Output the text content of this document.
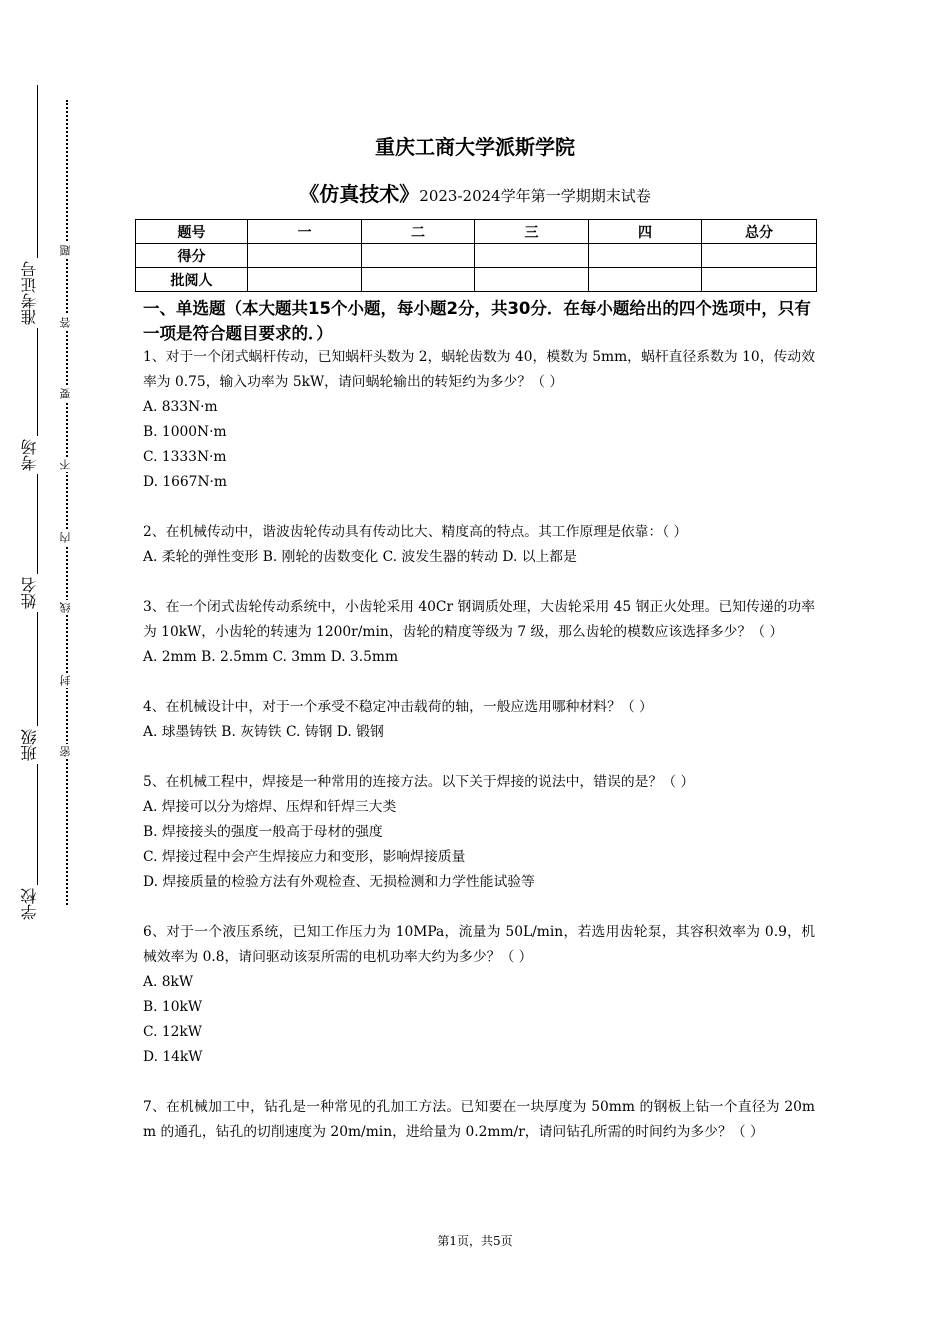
准考证号
考场
姓名
班级
学校
题
答
要
不
内
线
封
密
重庆工商大学派斯学院
《仿真技术》2023-2024学年第一学期期末试卷
题号	一	二	三	四	总分
得分					
批阅人					
一、单选题（本大题共15个小题，每小题2分，共30分．在每小题给出的四个选项中，只有一项是符合题目要求的．）

1、对于一个闭式蜗杆传动，已知蜗杆头数为 2，蜗轮齿数为 40，模数为 5mm，蜗杆直径系数为 10，传动效率为 0.75，输入功率为 5kW，请问蜗轮输出的转矩约为多少？（ ）

A. 833N·m

B. 1000N·m

C. 1333N·m

D. 1667N·m

2、在机械传动中，谐波齿轮传动具有传动比大、精度高的特点。其工作原理是依靠：（ ）

A. 柔轮的弹性变形 B. 刚轮的齿数变化 C. 波发生器的转动 D. 以上都是

3、在一个闭式齿轮传动系统中，小齿轮采用 40Cr 钢调质处理，大齿轮采用 45 钢正火处理。已知传递的功率为 10kW，小齿轮的转速为 1200r/min，齿轮的精度等级为 7 级，那么齿轮的模数应该选择多少？（ ）

A. 2mm B. 2.5mm C. 3mm D. 3.5mm

4、在机械设计中，对于一个承受不稳定冲击载荷的轴，一般应选用哪种材料？（ ）

A. 球墨铸铁 B. 灰铸铁 C. 铸钢 D. 锻钢

5、在机械工程中，焊接是一种常用的连接方法。以下关于焊接的说法中，错误的是？（ ）

A. 焊接可以分为熔焊、压焊和钎焊三大类

B. 焊接接头的强度一般高于母材的强度

C. 焊接过程中会产生焊接应力和变形，影响焊接质量

D. 焊接质量的检验方法有外观检查、无损检测和力学性能试验等

6、对于一个液压系统，已知工作压力为 10MPa，流量为 50L/min，若选用齿轮泵，其容积效率为 0.9，机械效率为 0.8，请问驱动该泵所需的电机功率大约为多少？（ ）

A. 8kW

B. 10kW

C. 12kW

D. 14kW

7、在机械加工中，钻孔是一种常见的孔加工方法。已知要在一块厚度为 50mm 的钢板上钻一个直径为 20mm 的通孔，钻孔的切削速度为 20m/min，进给量为 0.2mm/r，请问钻孔所需的时间约为多少？（ ）

第1页，共5页
